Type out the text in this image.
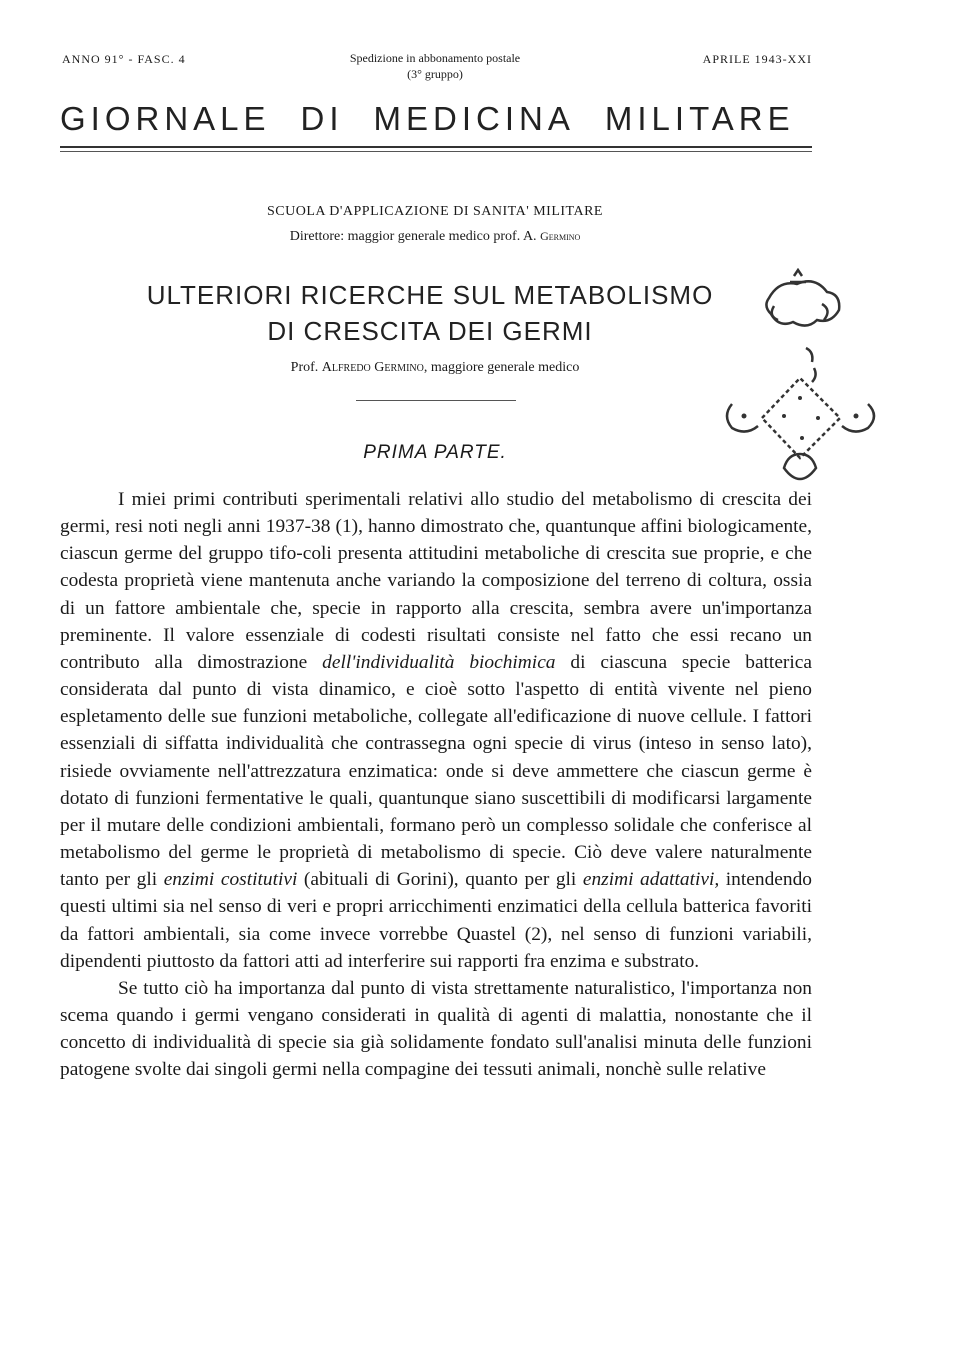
ANNO 91° - FASC. 4	Spedizione in abbonamento postale
(3° gruppo)
APRILE 1943-XXI
GIORNALE DI MEDICINA MILITARE
SCUOLA D'APPLICAZIONE DI SANITA' MILITARE
Direttore: maggior generale medico prof. A. Germino
ULTERIORI RICERCHE SUL METABOLISMO
DI CRESCITA DEI GERMI
Prof. Alfredo Germino, maggiore generale medico
PRIMA PARTE.

I miei primi contributi sperimentali relativi allo studio del metabolismo di crescita dei germi, resi noti negli anni 1937-38 (1), hanno dimostrato che, quantunque affini biologicamente, ciascun germe del gruppo tifo-coli presenta attitudini metaboliche di crescita sue proprie, e che codesta proprietà viene mantenuta anche variando la composizione del terreno di coltura, ossia di un fattore ambientale che, specie in rapporto alla crescita, sembra avere un'importanza preminente. Il valore essenziale di codesti risultati consiste nel fatto che essi recano un contributo alla dimostrazione dell'individualità biochimica di ciascuna specie batterica considerata dal punto di vista dinamico, e cioè sotto l'aspetto di entità vivente nel pieno espletamento delle sue funzioni metaboliche, collegate all'edificazione di nuove cellule. I fattori essenziali di siffatta individualità che contrassegna ogni specie di virus (inteso in senso lato), risiede ovviamente nell'attrezzatura enzimatica: onde si deve ammettere che ciascun germe è dotato di funzioni fermentative le quali, quantunque siano suscettibili di modificarsi largamente per il mutare delle condizioni ambientali, formano però un complesso solidale che conferisce al metabolismo del germe le proprietà di metabolismo di specie. Ciò deve valere naturalmente tanto per gli enzimi costitutivi (abituali di Gorini), quanto per gli enzimi adattativi, intendendo questi ultimi sia nel senso di veri e propri arricchimenti enzimatici della cellula batterica favoriti da fattori ambientali, sia come invece vorrebbe Quastel (2), nel senso di funzioni variabili, dipendenti piuttosto da fattori atti ad interferire sui rapporti fra enzima e substrato.

Se tutto ciò ha importanza dal punto di vista strettamente naturalistico, l'importanza non scema quando i germi vengano considerati in qualità di agenti di malattia, nonostante che il concetto di individualità di specie sia già solidamente fondato sull'analisi minuta delle funzioni patogene svolte dai singoli germi nella compagine dei tessuti animali, nonchè sulle relative
